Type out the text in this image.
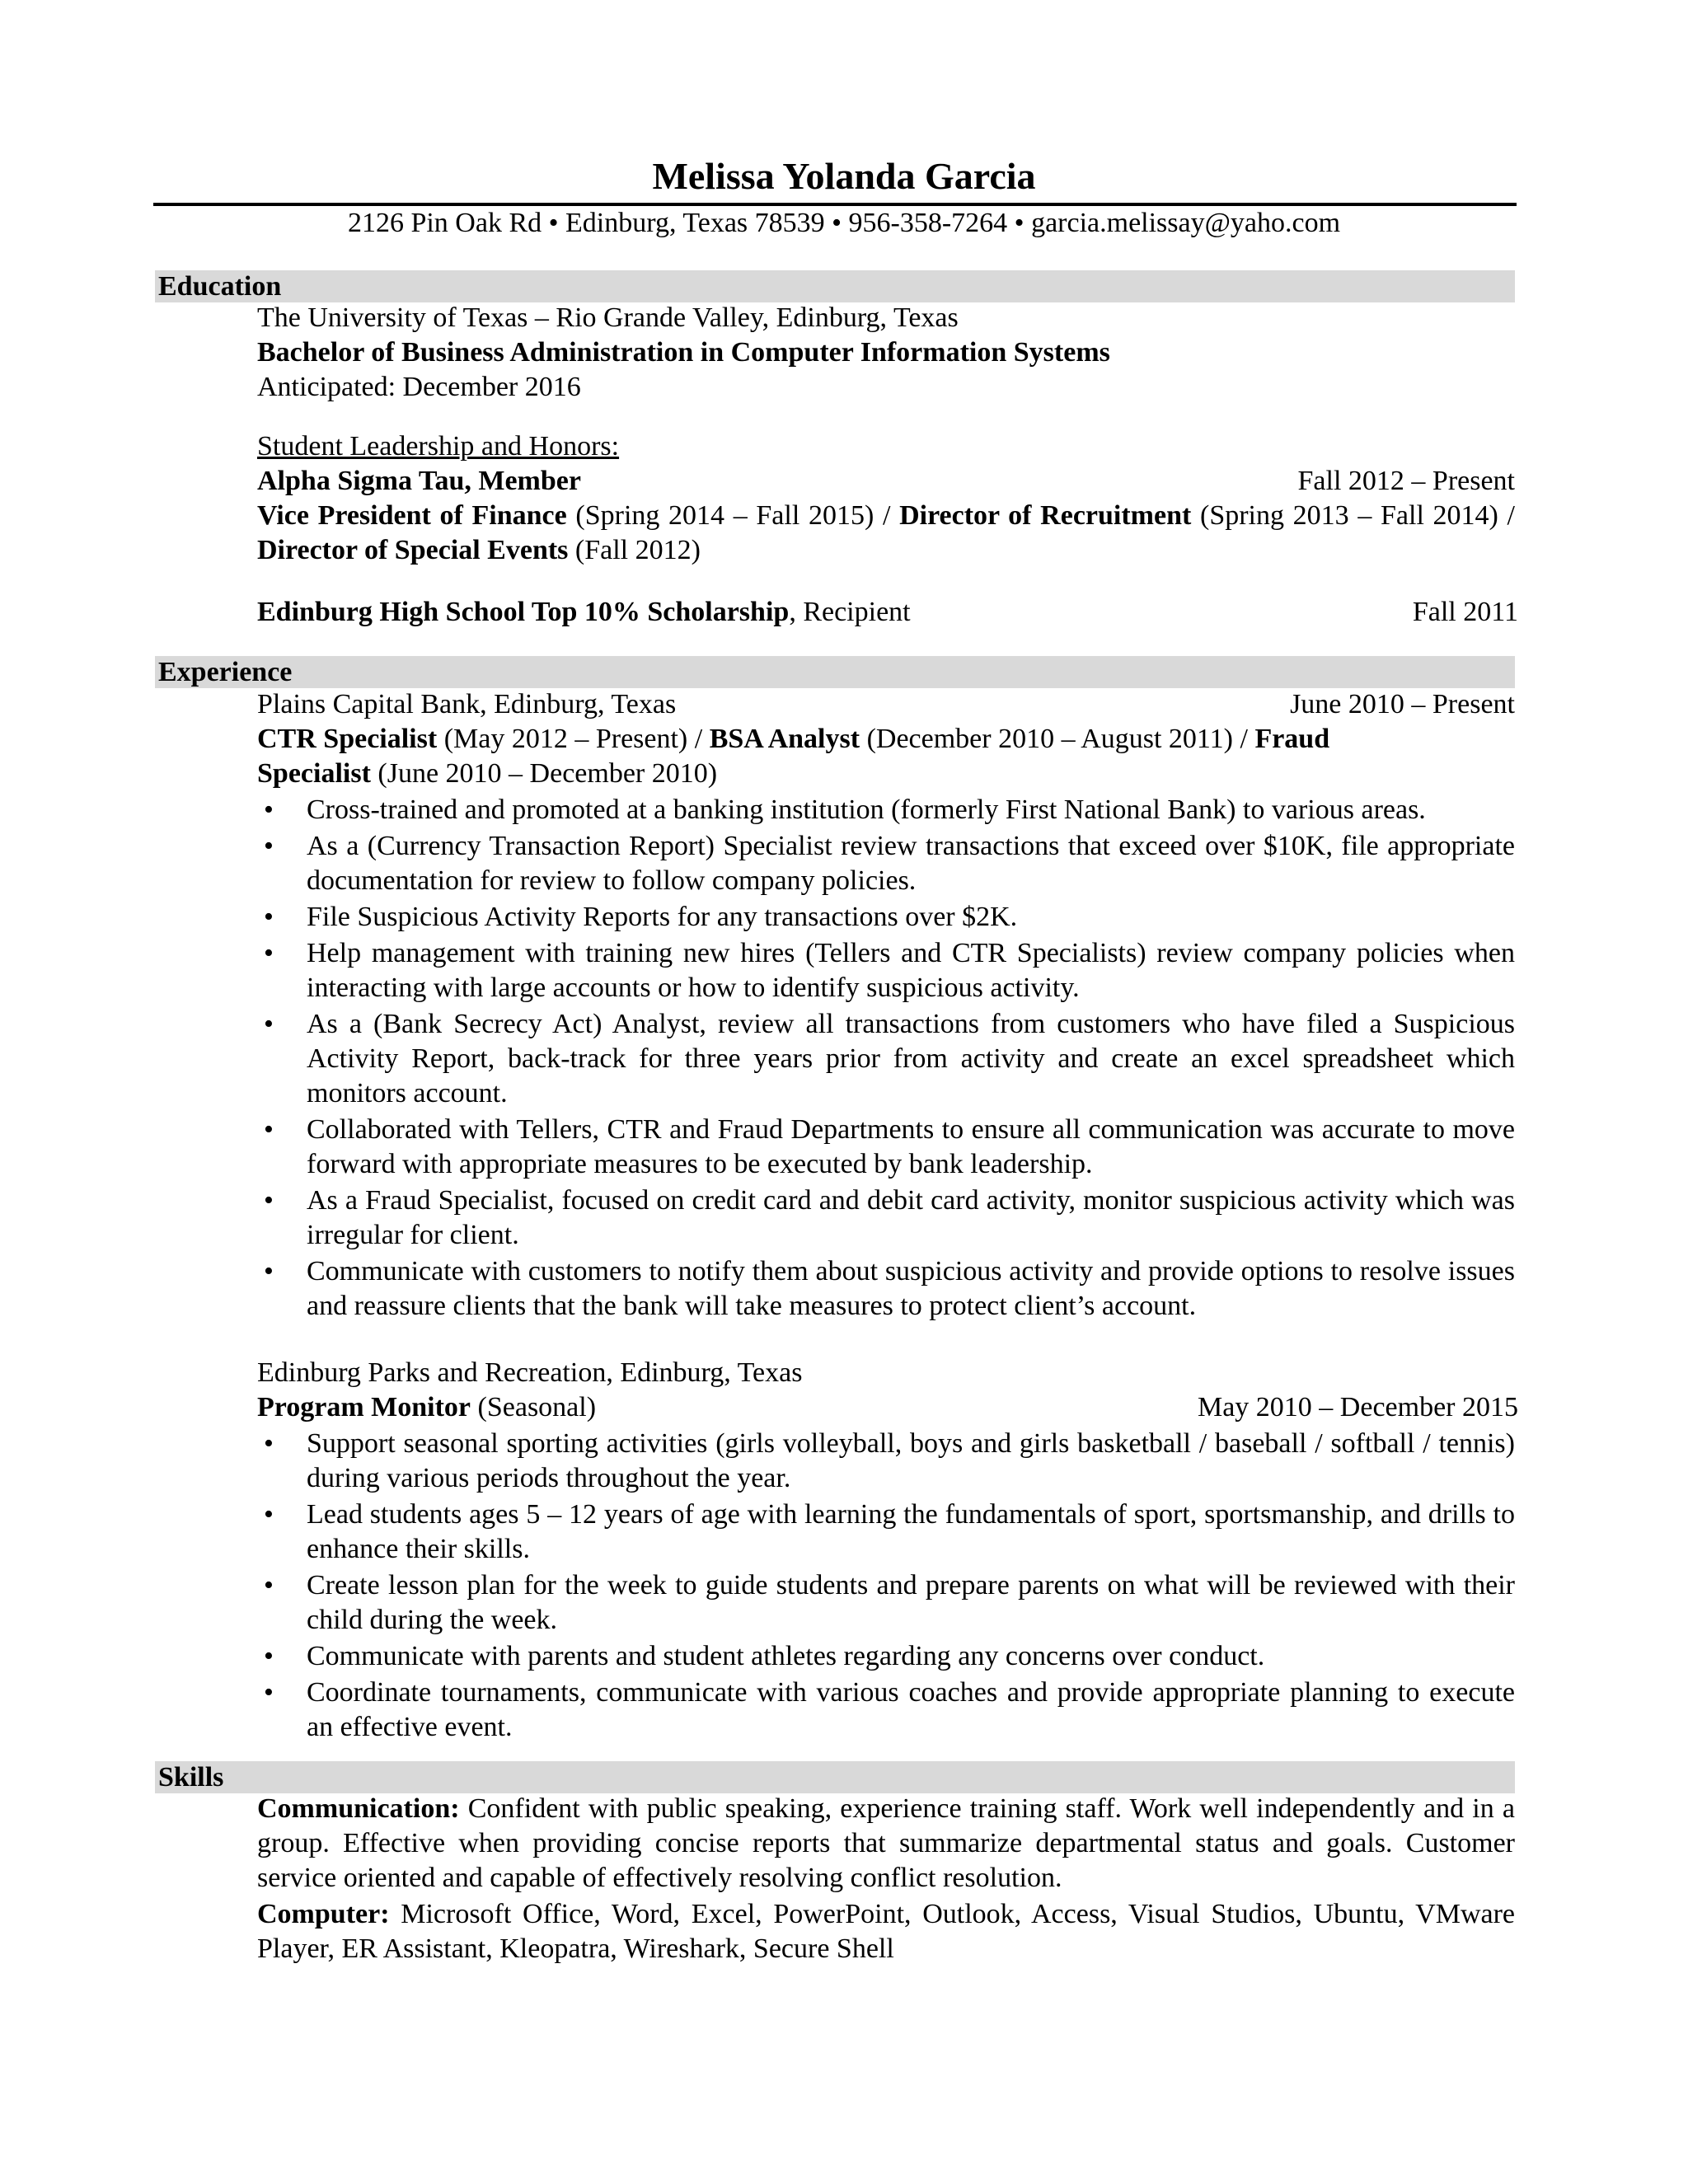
Melissa Yolanda Garcia
2126 Pin Oak Rd • Edinburg, Texas 78539 • 956-358-7264 • garcia.melissay@yaho.com
Education
The University of Texas – Rio Grande Valley, Edinburg, Texas
Bachelor of Business Administration in Computer Information Systems
Anticipated: December 2016
Student Leadership and Honors:
Alpha Sigma Tau, Member	Fall 2012 – Present
Vice President of Finance (Spring 2014 – Fall 2015) / Director of Recruitment (Spring 2013 – Fall 2014) / Director of Special Events (Fall 2012)
Edinburg High School Top 10% Scholarship, Recipient	Fall 2011
Experience
Plains Capital Bank, Edinburg, Texas	June 2010 – Present
CTR Specialist (May 2012 – Present) / BSA Analyst (December 2010 – August 2011) / Fraud Specialist (June 2010 – December 2010)
• Cross-trained and promoted at a banking institution (formerly First National Bank) to various areas.
• As a (Currency Transaction Report) Specialist review transactions that exceed over $10K, file appropriate documentation for review to follow company policies.
• File Suspicious Activity Reports for any transactions over $2K.
• Help management with training new hires (Tellers and CTR Specialists) review company policies when interacting with large accounts or how to identify suspicious activity.
• As a (Bank Secrecy Act) Analyst, review all transactions from customers who have filed a Suspicious Activity Report, back-track for three years prior from activity and create an excel spreadsheet which monitors account.
• Collaborated with Tellers, CTR and Fraud Departments to ensure all communication was accurate to move forward with appropriate measures to be executed by bank leadership.
• As a Fraud Specialist, focused on credit card and debit card activity, monitor suspicious activity which was irregular for client.
• Communicate with customers to notify them about suspicious activity and provide options to resolve issues and reassure clients that the bank will take measures to protect client’s account.
Edinburg Parks and Recreation, Edinburg, Texas
Program Monitor (Seasonal)	May 2010 – December 2015
• Support seasonal sporting activities (girls volleyball, boys and girls basketball / baseball / softball / tennis) during various periods throughout the year.
• Lead students ages 5 – 12 years of age with learning the fundamentals of sport, sportsmanship, and drills to enhance their skills.
• Create lesson plan for the week to guide students and prepare parents on what will be reviewed with their child during the week.
• Communicate with parents and student athletes regarding any concerns over conduct.
• Coordinate tournaments, communicate with various coaches and provide appropriate planning to execute an effective event.
Skills
Communication: Confident with public speaking, experience training staff. Work well independently and in a group. Effective when providing concise reports that summarize departmental status and goals. Customer service oriented and capable of effectively resolving conflict resolution.
Computer: Microsoft Office, Word, Excel, PowerPoint, Outlook, Access, Visual Studios, Ubuntu, VMware Player, ER Assistant, Kleopatra, Wireshark, Secure Shell
